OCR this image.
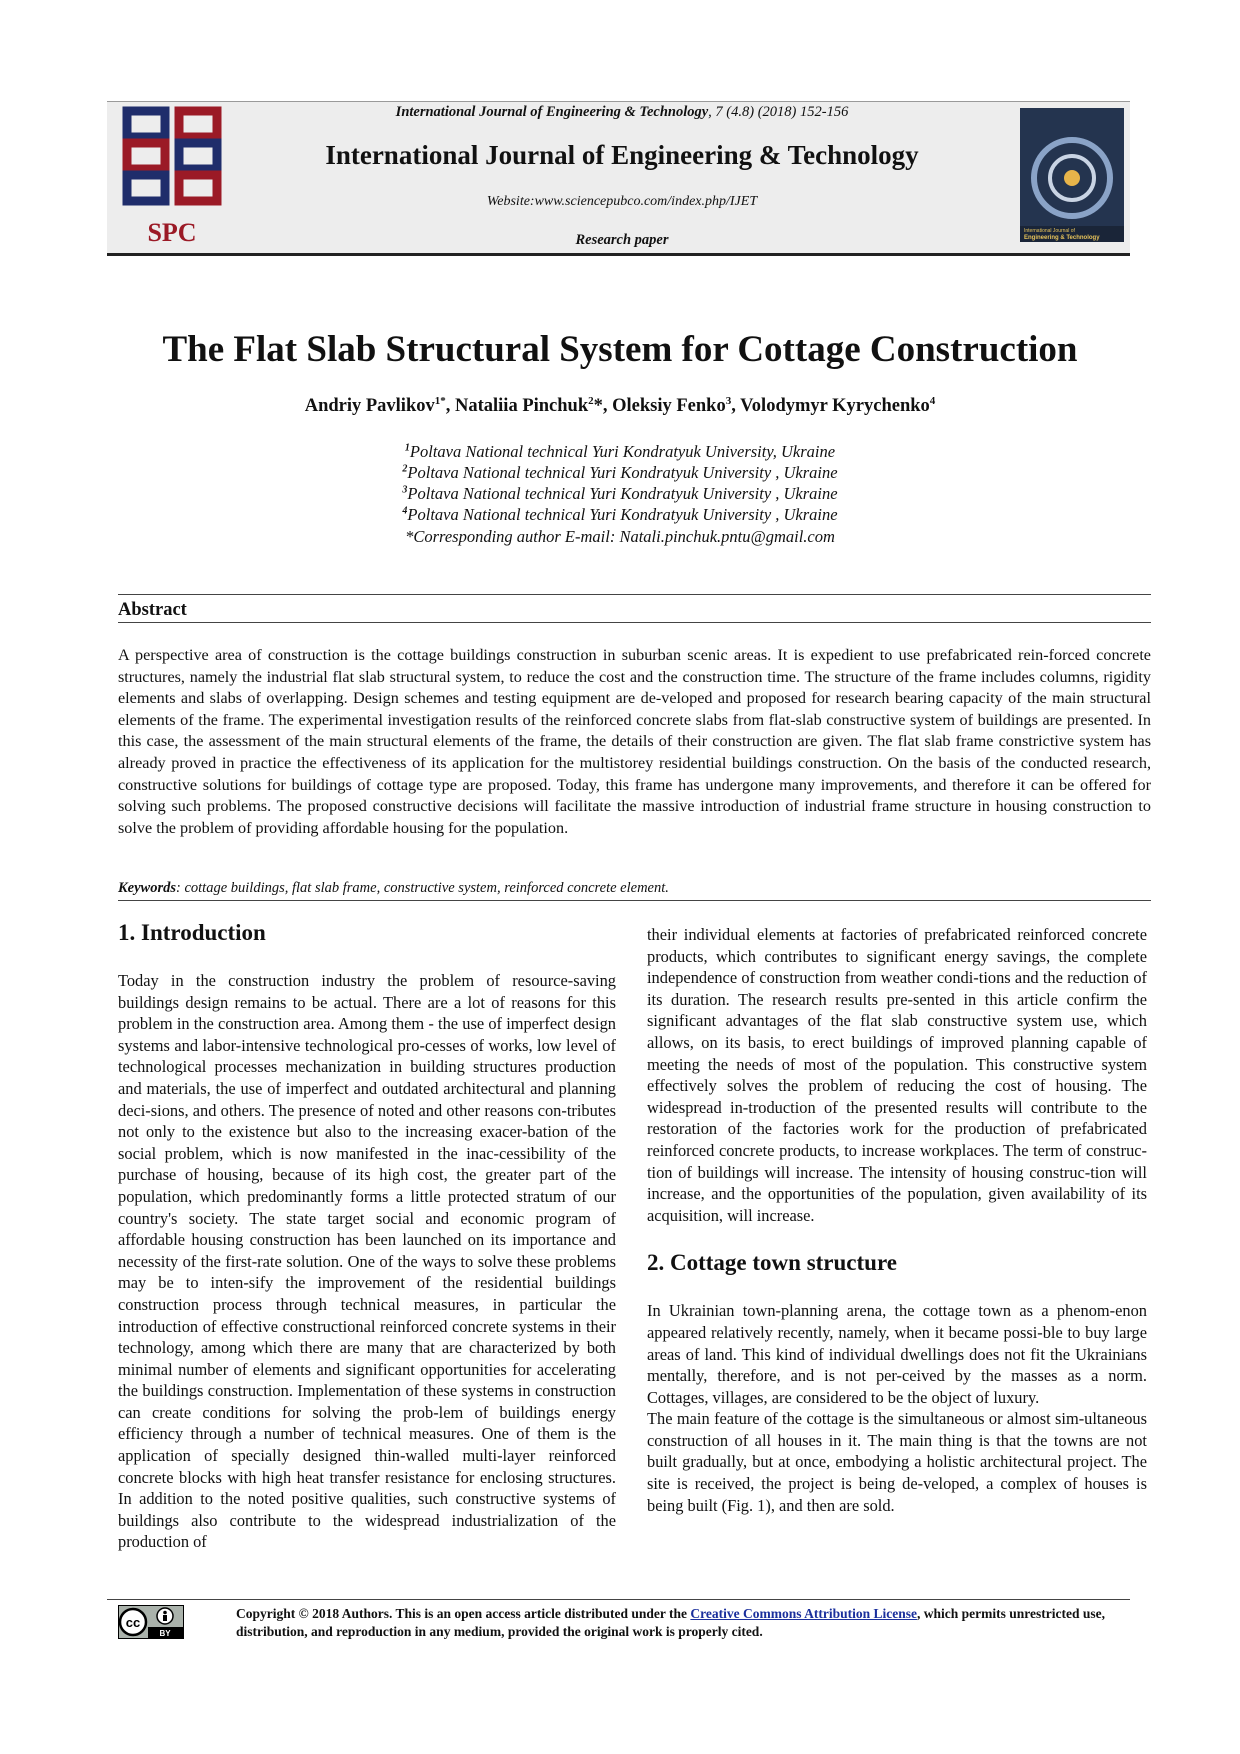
SPC
International Journal of Engineering & Technology, 7 (4.8) (2018) 152-156
International Journal of Engineering & Technology
Website:www.sciencepubco.com/index.php/IJET
Research paper
International Journal of
Engineering & Technology
The Flat Slab Structural System for Cottage Construction
Andriy Pavlikov$^{1*}$, Nataliia Pinchuk$^2$*, Oleksiy Fenko$^3$, Volodymyr Kyrychenko$^4$
$^1$Poltava National technical Yuri Kondratyuk University, Ukraine
$^2$Poltava National technical Yuri Kondratyuk University , Ukraine
$^3$Poltava National technical Yuri Kondratyuk University , Ukraine
$^4$Poltava National technical Yuri Kondratyuk University , Ukraine
*Corresponding author E-mail: Natali.pinchuk.pntu@gmail.com
Abstract
A perspective area of construction is the cottage buildings construction in suburban scenic areas. It is expedient to use prefabricated rein-forced concrete structures, namely the industrial flat slab structural system, to reduce the cost and the construction time. The structure of the frame includes columns, rigidity elements and slabs of overlapping. Design schemes and testing equipment are de-veloped and proposed for research bearing capacity of the main structural elements of the frame. The experimental investigation results of the reinforced concrete slabs from flat-slab constructive system of buildings are presented. In this case, the assessment of the main structural elements of the frame, the details of their construction are given. The flat slab frame constrictive system has already proved in practice the effectiveness of its application for the multistorey residential buildings construction. On the basis of the conducted research, constructive solutions for buildings of cottage type are proposed. Today, this frame has undergone many improvements, and therefore it can be offered for solving such problems. The proposed constructive decisions will facilitate the massive introduction of industrial frame structure in housing construction to solve the problem of providing affordable housing for the population.
Keywords: cottage buildings, flat slab frame, constructive system, reinforced concrete element.
1. Introduction
Today in the construction industry the problem of resource-saving buildings design remains to be actual. There are a lot of reasons for this problem in the construction area. Among them - the use of imperfect design systems and labor-intensive technological pro-cesses of works, low level of technological processes mechanization in building structures production and materials, the use of imperfect and outdated architectural and planning deci-sions, and others. The presence of noted and other reasons con-tributes not only to the existence but also to the increasing exacer-bation of the social problem, which is now manifested in the inac-cessibility of the purchase of housing, because of its high cost, the greater part of the population, which predominantly forms a little protected stratum of our country's society. The state target social and economic program of affordable housing construction has been launched on its importance and necessity of the first-rate solution. One of the ways to solve these problems may be to inten-sify the improvement of the residential buildings construction process through technical measures, in particular the introduction of effective constructional reinforced concrete systems in their technology, among which there are many that are characterized by both minimal number of elements and significant opportunities for accelerating the buildings construction. Implementation of these systems in construction can create conditions for solving the prob-lem of buildings energy efficiency through a number of technical measures. One of them is the application of specially designed thin-walled multi-layer reinforced concrete blocks with high heat transfer resistance for enclosing structures. In addition to the noted positive qualities, such constructive systems of buildings also contribute to the widespread industrialization of the production of
their individual elements at factories of prefabricated reinforced concrete products, which contributes to significant energy savings, the complete independence of construction from weather condi-tions and the reduction of its duration. The research results pre-sented in this article confirm the significant advantages of the flat slab constructive system use, which allows, on its basis, to erect buildings of improved planning capable of meeting the needs of most of the population. This constructive system effectively solves the problem of reducing the cost of housing. The widespread in-troduction of the presented results will contribute to the restoration of the factories work for the production of prefabricated reinforced concrete products, to increase workplaces. The term of construc-tion of buildings will increase. The intensity of housing construc-tion will increase, and the opportunities of the population, given availability of its acquisition, will increase.
2. Cottage town structure
In Ukrainian town-planning arena, the cottage town as a phenom-enon appeared relatively recently, namely, when it became possi-ble to buy large areas of land. This kind of individual dwellings does not fit the Ukrainians mentally, therefore, and is not per-ceived by the masses as a norm. Cottages, villages, are considered to be the object of luxury.
The main feature of the cottage is the simultaneous or almost sim-ultaneous construction of all houses in it. The main thing is that the towns are not built gradually, but at once, embodying a holistic architectural project. The site is received, the project is being de-veloped, a complex of houses is being built (Fig. 1), and then are sold.
cc
BY
Copyright © 2018 Authors. This is an open access article distributed under the Creative Commons Attribution License, which permits unrestricted use, distribution, and reproduction in any medium, provided the original work is properly cited.
